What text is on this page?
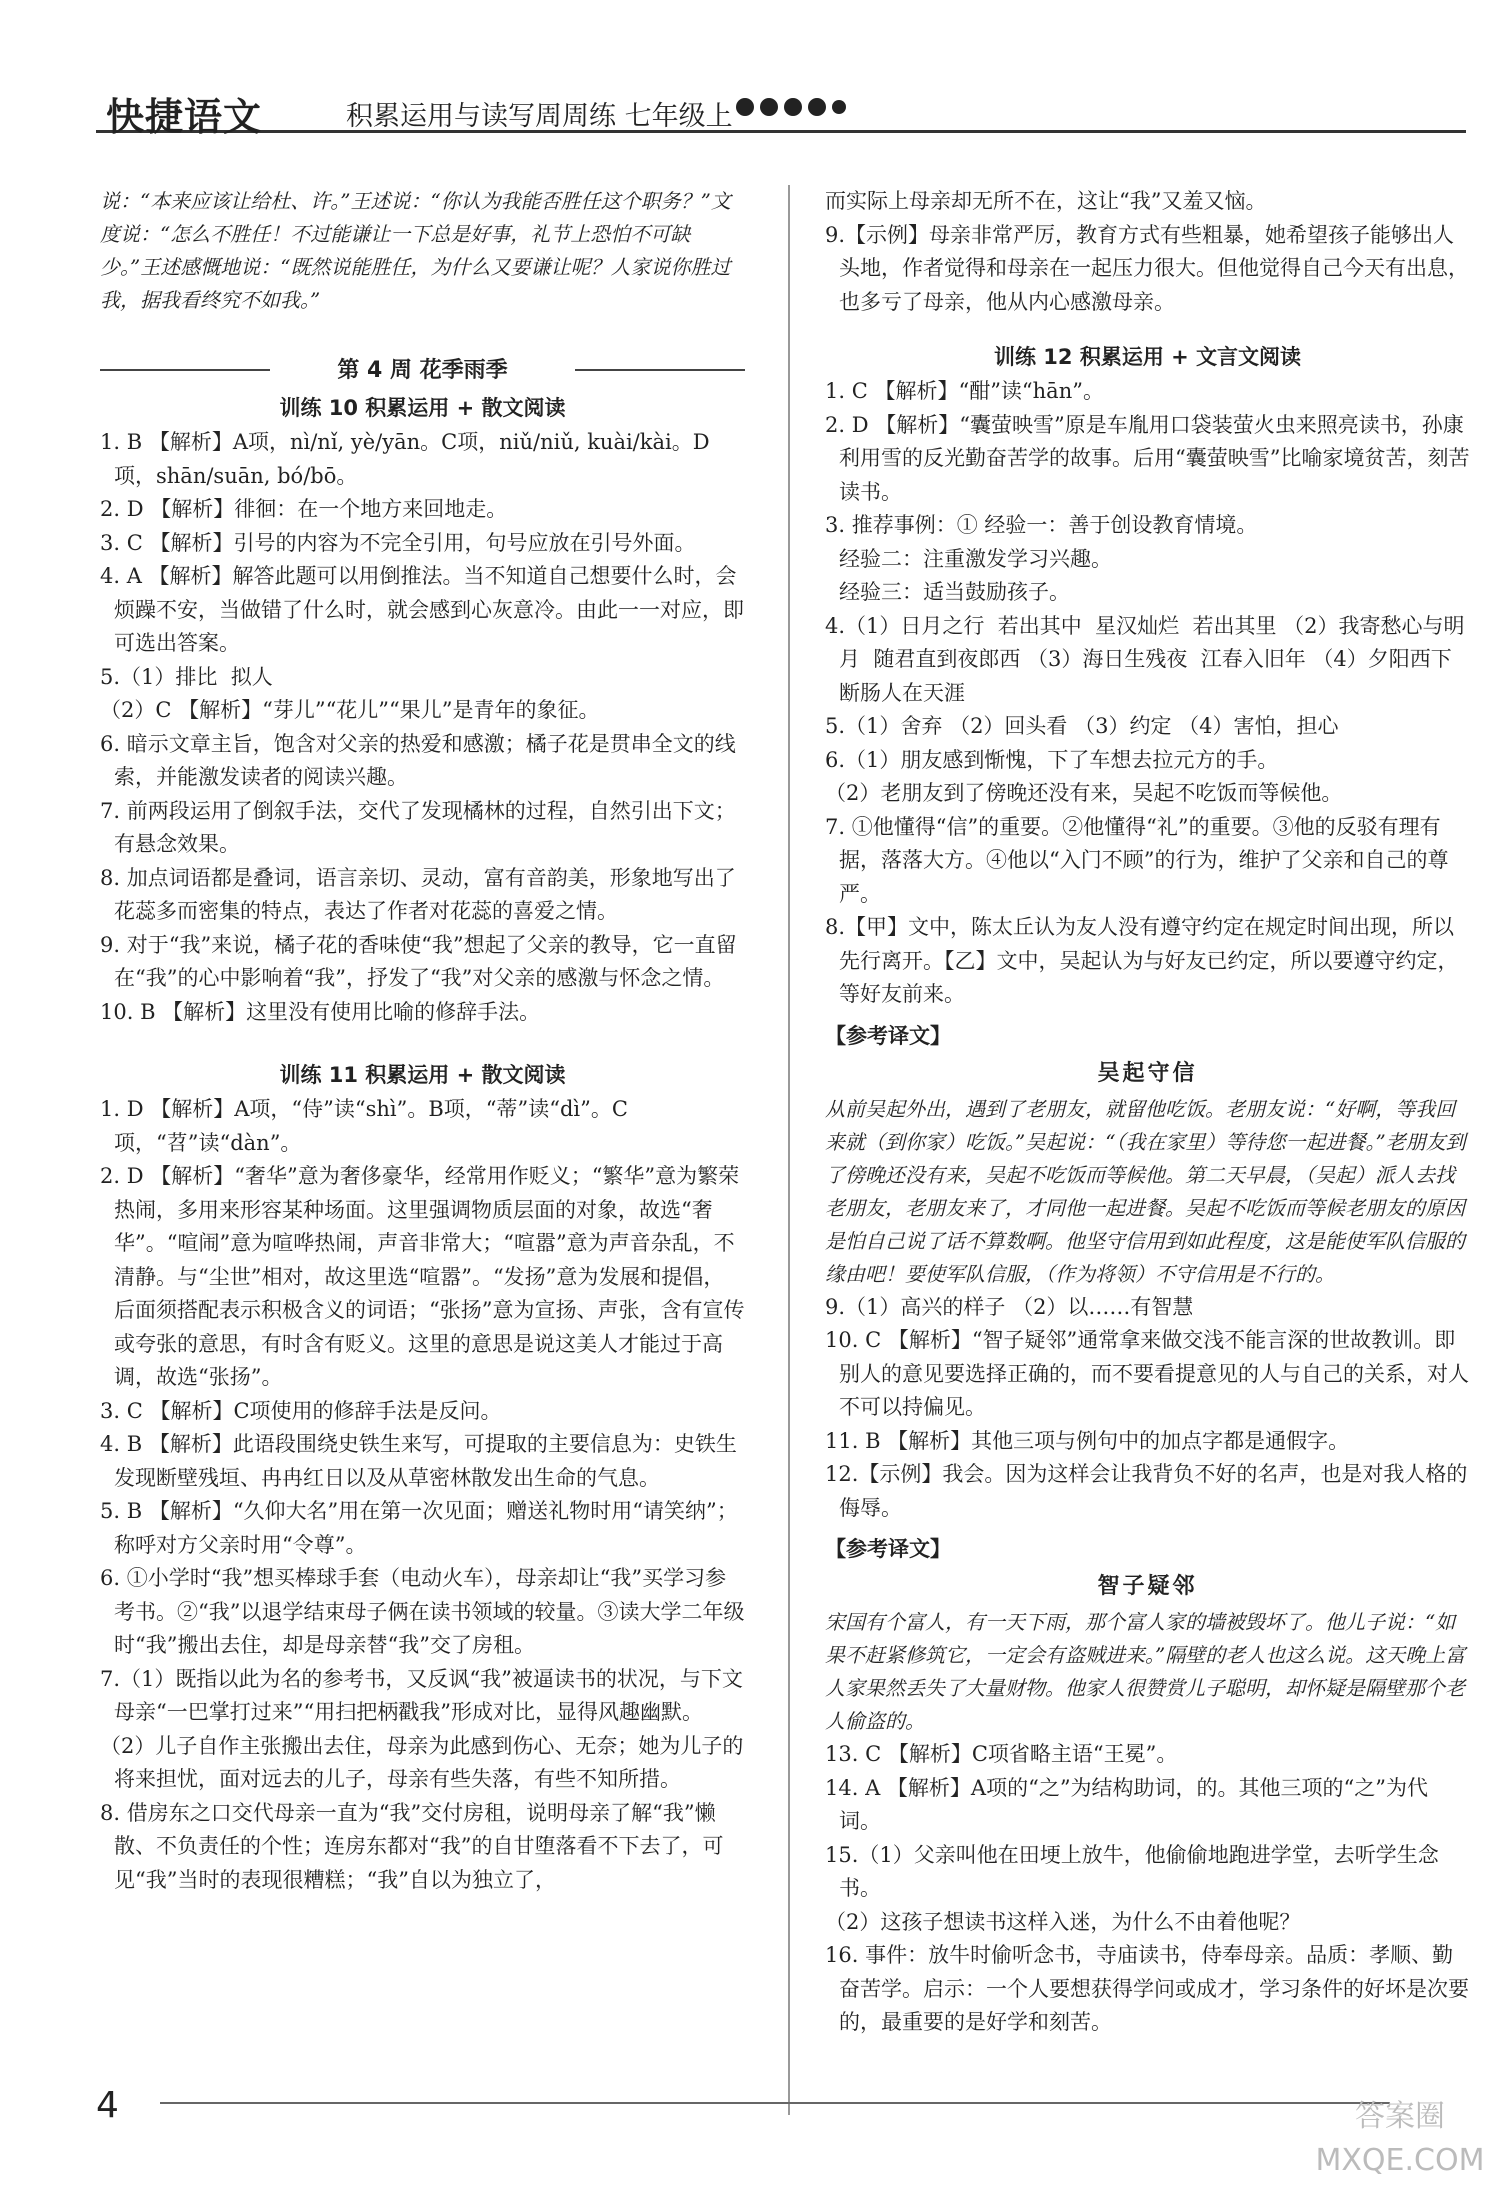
快捷语文	积累运用与读写周周练 七年级上

说：“本来应该让给杜、许。”王述说：“你认为我能否胜任这个职务？”文度说：“怎么不胜任！不过能谦让一下总是好事，礼节上恐怕不可缺少。”王述感慨地说：“既然说能胜任，为什么又要谦让呢？人家说你胜过我，据我看终究不如我。”

第 4 周 花季雨季
训练 10 积累运用 + 散文阅读

1. B 【解析】A项，nì/nǐ, yè/yān。C项，niǔ/niǔ, kuài/kài。D项，shān/suān, bó/bō。

2. D 【解析】徘徊：在一个地方来回地走。

3. C 【解析】引号的内容为不完全引用，句号应放在引号外面。

4. A 【解析】解答此题可以用倒推法。当不知道自己想要什么时，会烦躁不安，当做错了什么时，就会感到心灰意冷。由此一一对应，即可选出答案。

5.（1）排比  拟人

（2）C 【解析】“芽儿”“花儿”“果儿”是青年的象征。

6. 暗示文章主旨，饱含对父亲的热爱和感激；橘子花是贯串全文的线索，并能激发读者的阅读兴趣。

7. 前两段运用了倒叙手法，交代了发现橘林的过程，自然引出下文；有悬念效果。

8. 加点词语都是叠词，语言亲切、灵动，富有音韵美，形象地写出了花蕊多而密集的特点，表达了作者对花蕊的喜爱之情。

9. 对于“我”来说，橘子花的香味使“我”想起了父亲的教导，它一直留在“我”的心中影响着“我”，抒发了“我”对父亲的感激与怀念之情。

10. B 【解析】这里没有使用比喻的修辞手法。

训练 11 积累运用 + 散文阅读

1. D 【解析】A项，“侍”读“shì”。B项，“蒂”读“dì”。C项，“苕”读“dàn”。

2. D 【解析】“奢华”意为奢侈豪华，经常用作贬义；“繁华”意为繁荣热闹，多用来形容某种场面。这里强调物质层面的对象，故选“奢华”。“喧闹”意为喧哗热闹，声音非常大；“喧嚣”意为声音杂乱，不清静。与“尘世”相对，故这里选“喧嚣”。“发扬”意为发展和提倡，后面须搭配表示积极含义的词语；“张扬”意为宣扬、声张，含有宣传或夸张的意思，有时含有贬义。这里的意思是说这美人才能过于高调，故选“张扬”。

3. C 【解析】C项使用的修辞手法是反问。

4. B 【解析】此语段围绕史铁生来写，可提取的主要信息为：史铁生发现断壁残垣、冉冉红日以及从草密林散发出生命的气息。

5. B 【解析】“久仰大名”用在第一次见面；赠送礼物时用“请笑纳”；称呼对方父亲时用“令尊”。

6. ①小学时“我”想买棒球手套（电动火车），母亲却让“我”买学习参考书。②“我”以退学结束母子俩在读书领域的较量。③读大学二年级时“我”搬出去住，却是母亲替“我”交了房租。

7.（1）既指以此为名的参考书，又反讽“我”被逼读书的状况，与下文母亲“一巴掌打过来”“用扫把柄戳我”形成对比，显得风趣幽默。

（2）儿子自作主张搬出去住，母亲为此感到伤心、无奈；她为儿子的将来担忧，面对远去的儿子，母亲有些失落，有些不知所措。

8. 借房东之口交代母亲一直为“我”交付房租，说明母亲了解“我”懒散、不负责任的个性；连房东都对“我”的自甘堕落看不下去了，可见“我”当时的表现很糟糕；“我”自以为独立了，

而实际上母亲却无所不在，这让“我”又羞又恼。

9.【示例】母亲非常严厉，教育方式有些粗暴，她希望孩子能够出人头地，作者觉得和母亲在一起压力很大。但他觉得自己今天有出息，也多亏了母亲，他从内心感激母亲。

训练 12 积累运用 + 文言文阅读

1. C 【解析】“酣”读“hān”。

2. D 【解析】“囊萤映雪”原是车胤用口袋装萤火虫来照亮读书，孙康利用雪的反光勤奋苦学的故事。后用“囊萤映雪”比喻家境贫苦，刻苦读书。

3. 推荐事例：① 经验一：善于创设教育情境。

经验二：注重激发学习兴趣。

经验三：适当鼓励孩子。

4.（1）日月之行  若出其中  星汉灿烂  若出其里 （2）我寄愁心与明月  随君直到夜郎西 （3）海日生残夜  江春入旧年 （4）夕阳西下  断肠人在天涯

5.（1）舍弃 （2）回头看 （3）约定 （4）害怕，担心

6.（1）朋友感到惭愧，下了车想去拉元方的手。

（2）老朋友到了傍晚还没有来，吴起不吃饭而等候他。

7. ①他懂得“信”的重要。②他懂得“礼”的重要。③他的反驳有理有据，落落大方。④他以“入门不顾”的行为，维护了父亲和自己的尊严。

8.【甲】文中，陈太丘认为友人没有遵守约定在规定时间出现，所以先行离开。【乙】文中，吴起认为与好友已约定，所以要遵守约定，等好友前来。

【参考译文】
吴起守信

从前吴起外出，遇到了老朋友，就留他吃饭。老朋友说：“好啊，等我回来就（到你家）吃饭。”吴起说：“（我在家里）等待您一起进餐。”老朋友到了傍晚还没有来，吴起不吃饭而等候他。第二天早晨，（吴起）派人去找老朋友，老朋友来了，才同他一起进餐。吴起不吃饭而等候老朋友的原因是怕自己说了话不算数啊。他坚守信用到如此程度，这是能使军队信服的缘由吧！要使军队信服，（作为将领）不守信用是不行的。

9.（1）高兴的样子 （2）以……有智慧

10. C 【解析】“智子疑邻”通常拿来做交浅不能言深的世故教训。即别人的意见要选择正确的，而不要看提意见的人与自己的关系，对人不可以持偏见。

11. B 【解析】其他三项与例句中的加点字都是通假字。

12.【示例】我会。因为这样会让我背负不好的名声，也是对我人格的侮辱。

【参考译文】
智子疑邻

宋国有个富人，有一天下雨，那个富人家的墙被毁坏了。他儿子说：“如果不赶紧修筑它，一定会有盗贼进来。”隔壁的老人也这么说。这天晚上富人家果然丢失了大量财物。他家人很赞赏儿子聪明，却怀疑是隔壁那个老人偷盗的。

13. C 【解析】C项省略主语“王冕”。

14. A 【解析】A项的“之”为结构助词，的。其他三项的“之”为代词。

15.（1）父亲叫他在田埂上放牛，他偷偷地跑进学堂，去听学生念书。

（2）这孩子想读书这样入迷，为什么不由着他呢？

16. 事件：放牛时偷听念书，寺庙读书，侍奉母亲。品质：孝顺、勤奋苦学。启示：一个人要想获得学问或成才，学习条件的好坏是次要的，最重要的是好学和刻苦。

4	答案圈 MXQE.COM
